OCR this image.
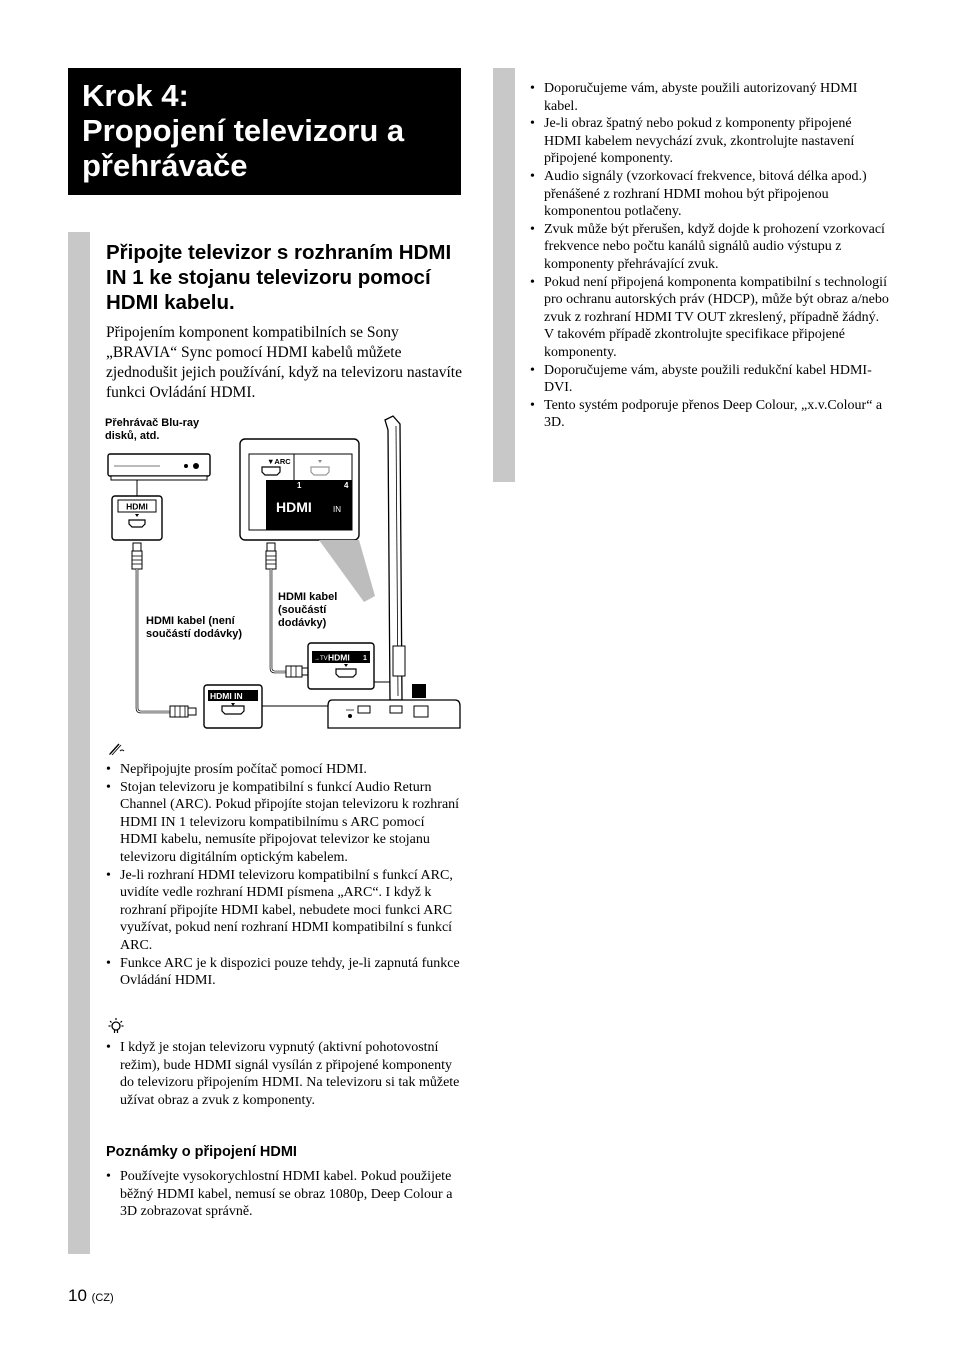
Krok 4:

Propojení televizoru a

přehrávače

Připojte televizor s rozhraním HDMI IN 1 ke stojanu televizoru pomocí HDMI kabelu.

Připojením komponent kompatibilních se Sony „BRAVIA“ Sync pomocí HDMI kabelů můžete zjednodušit jejich používání, když na televizoru nastavíte funkci Ovládání HDMI.

Přehrávač Blu-ray disků, atd.
HDMI kabel (není součástí dodávky)
HDMI kabel (součástí dodávky)
HDMI
▼ARC
1	4
HDMI	IN
→TV HDMI 1
HDMI IN
• Nepřipojujte prosím počítač pomocí HDMI.
• Stojan televizoru je kompatibilní s funkcí Audio Return Channel (ARC). Pokud připojíte stojan televizoru k rozhraní HDMI IN 1 televizoru kompatibilnímu s ARC pomocí HDMI kabelu, nemusíte připojovat televizor ke stojanu televizoru digitálním optickým kabelem.
• Je-li rozhraní HDMI televizoru kompatibilní s funkcí ARC, uvidíte vedle rozhraní HDMI písmena „ARC“. I když k rozhraní připojíte HDMI kabel, nebudete moci funkci ARC využívat, pokud není rozhraní HDMI kompatibilní s funkcí ARC.
• Funkce ARC je k dispozici pouze tehdy, je-li zapnutá funkce Ovládání HDMI.
• I když je stojan televizoru vypnutý (aktivní pohotovostní režim), bude HDMI signál vysílán z připojené komponenty do televizoru připojením HDMI. Na televizoru si tak můžete užívat obraz a zvuk z komponenty.
Poznámky o připojení HDMI
• Používejte vysokorychlostní HDMI kabel. Pokud použijete běžný HDMI kabel, nemusí se obraz 1080p, Deep Colour a 3D zobrazovat správně.
• Doporučujeme vám, abyste použili autorizovaný HDMI kabel.
• Je-li obraz špatný nebo pokud z komponenty připojené HDMI kabelem nevychází zvuk, zkontrolujte nastavení připojené komponenty.
• Audio signály (vzorkovací frekvence, bitová délka apod.) přenášené z rozhraní HDMI mohou být připojenou komponentou potlačeny.
• Zvuk může být přerušen, když dojde k prohození vzorkovací frekvence nebo počtu kanálů signálů audio výstupu z komponenty přehrávající zvuk.
• Pokud není připojená komponenta kompatibilní s technologií pro ochranu autorských práv (HDCP), může být obraz a/nebo zvuk z rozhraní HDMI TV OUT zkreslený, případně žádný.
V takovém případě zkontrolujte specifikace připojené komponenty.
• Doporučujeme vám, abyste použili redukční kabel HDMI-DVI.
• Tento systém podporuje přenos Deep Colour, „x.v.Colour“ a 3D.
10 (CZ)
